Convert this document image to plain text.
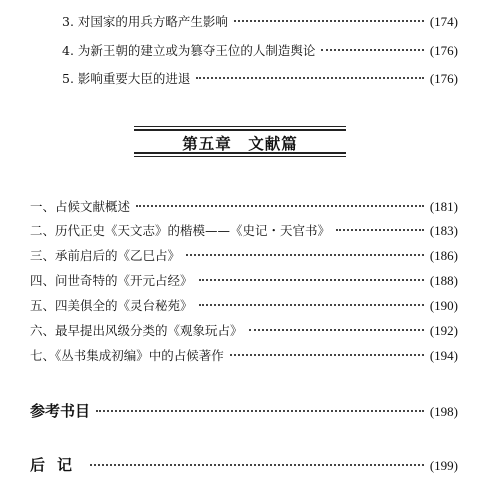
3. 对国家的用兵方略产生影响	(174)
4. 为新王朝的建立或为篡夺王位的人制造舆论	(176)
5. 影响重要大臣的进退	(176)
第五章 文献篇
一、占候文献概述	(181)
二、历代正史《天文志》的楷模——《史记・天官书》	(183)
三、承前启后的《乙巳占》	(186)
四、问世奇特的《开元占经》	(188)
五、四美俱全的《灵台秘苑》	(190)
六、最早提出风级分类的《观象玩占》	(192)
七、《丛书集成初编》中的占候著作	(194)
参考书目	(198)
后记	(199)
